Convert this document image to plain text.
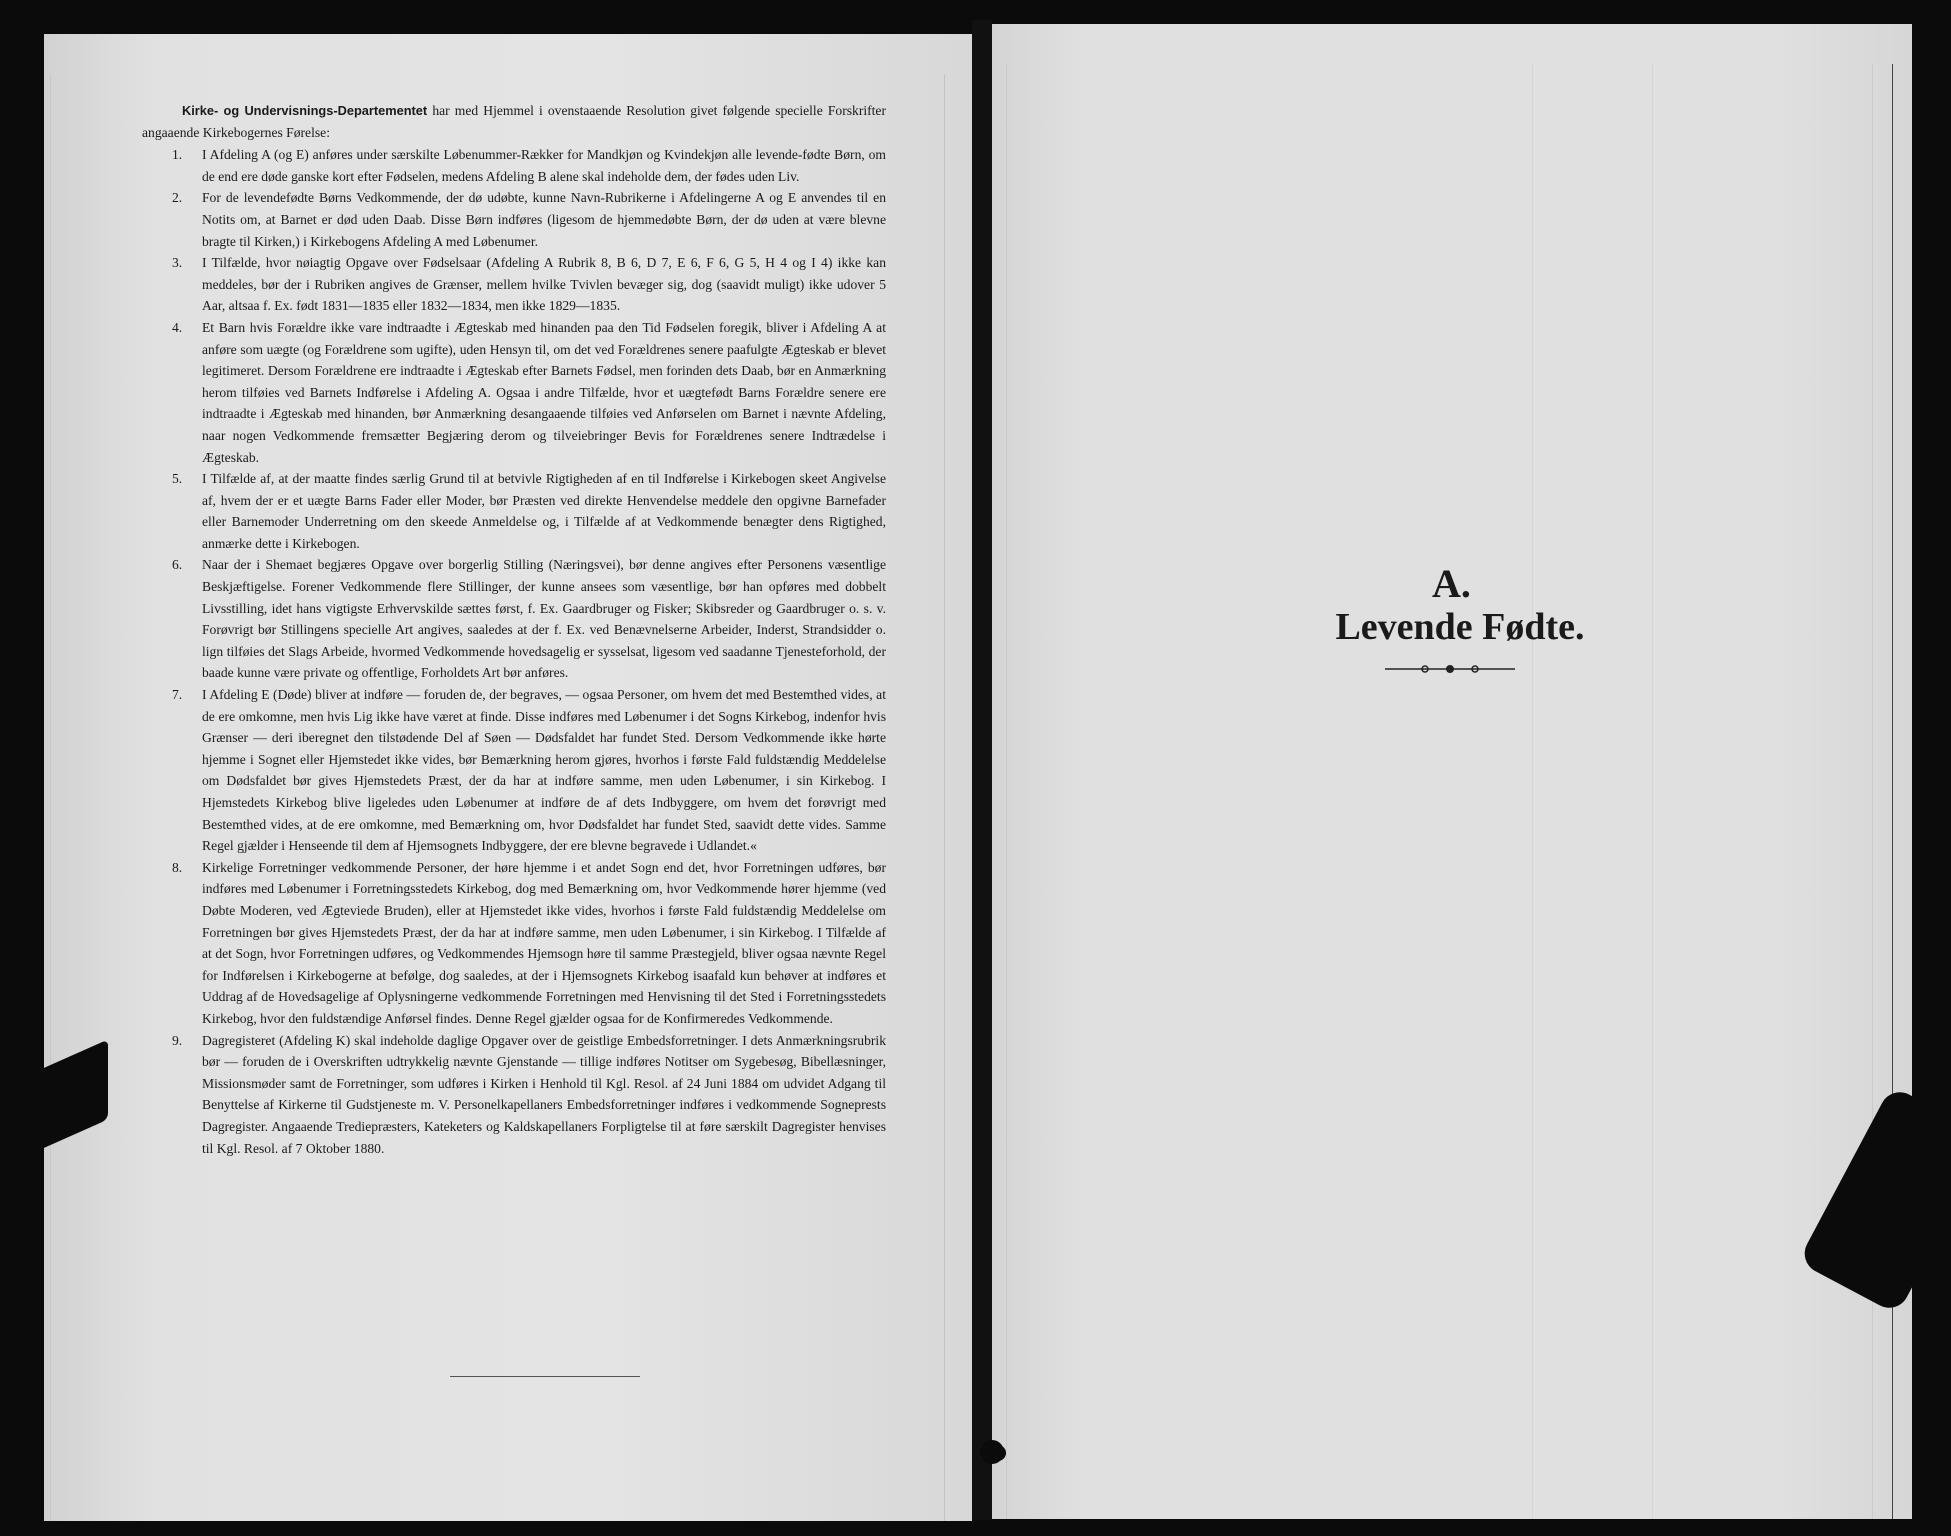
Kirke- og Undervisnings-Departementet har med Hjemmel i ovenstaaende Resolution givet følgende specielle Forskrifter angaaende Kirkebogernes Førelse:

1. I Afdeling A (og E) anføres under særskilte Løbenummer-Rækker for Mandkjøn og Kvindekjøn alle levende-fødte Børn, om de end ere døde ganske kort efter Fødselen, medens Afdeling B alene skal indeholde dem, der fødes uden Liv.
2. For de levendefødte Børns Vedkommende, der dø udøbte, kunne Navn-Rubrikerne i Afdelingerne A og E anvendes til en Notits om, at Barnet er død uden Daab. Disse Børn indføres (ligesom de hjemmedøbte Børn, der dø uden at være blevne bragte til Kirken,) i Kirkebogens Afdeling A med Løbenumer.
3. I Tilfælde, hvor nøiagtig Opgave over Fødselsaar (Afdeling A Rubrik 8, B 6, D 7, E 6, F 6, G 5, H 4 og I 4) ikke kan meddeles, bør der i Rubriken angives de Grænser, mellem hvilke Tvivlen bevæger sig, dog (saavidt muligt) ikke udover 5 Aar, altsaa f. Ex. født 1831—1835 eller 1832—1834, men ikke 1829—1835.
4. Et Barn hvis Forældre ikke vare indtraadte i Ægteskab med hinanden paa den Tid Fødselen foregik, bliver i Afdeling A at anføre som uægte (og Forældrene som ugifte), uden Hensyn til, om det ved Forældrenes senere paafulgte Ægteskab er blevet legitimeret. Dersom Forældrene ere indtraadte i Ægteskab efter Barnets Fødsel, men forinden dets Daab, bør en Anmærkning herom tilføies ved Barnets Indførelse i Afdeling A. Ogsaa i andre Tilfælde, hvor et uægtefødt Barns Forældre senere ere indtraadte i Ægteskab med hinanden, bør Anmærkning desangaaende tilføies ved Anførselen om Barnet i nævnte Afdeling, naar nogen Vedkommende fremsætter Begjæring derom og tilveiebringer Bevis for Forældrenes senere Indtrædelse i Ægteskab.
5. I Tilfælde af, at der maatte findes særlig Grund til at betvivle Rigtigheden af en til Indførelse i Kirkebogen skeet Angivelse af, hvem der er et uægte Barns Fader eller Moder, bør Præsten ved direkte Henvendelse meddele den opgivne Barnefader eller Barnemoder Underretning om den skeede Anmeldelse og, i Tilfælde af at Vedkommende benægter dens Rigtighed, anmærke dette i Kirkebogen.
6. Naar der i Shemaet begjæres Opgave over borgerlig Stilling (Næringsvei), bør denne angives efter Personens væsentlige Beskjæftigelse. Forener Vedkommende flere Stillinger, der kunne ansees som væsentlige, bør han opføres med dobbelt Livsstilling, idet hans vigtigste Erhvervskilde sættes først, f. Ex. Gaardbruger og Fisker; Skibsreder og Gaardbruger o. s. v. Forøvrigt bør Stillingens specielle Art angives, saaledes at der f. Ex. ved Benævnelserne Arbeider, Inderst, Strandsidder o. lign tilføies det Slags Arbeide, hvormed Vedkommende hovedsagelig er sysselsat, ligesom ved saadanne Tjenesteforhold, der baade kunne være private og offentlige, Forholdets Art bør anføres.
7. I Afdeling E (Døde) bliver at indføre — foruden de, der begraves, — ogsaa Personer, om hvem det med Bestemthed vides, at de ere omkomne, men hvis Lig ikke have været at finde. Disse indføres med Løbenumer i det Sogns Kirkebog, indenfor hvis Grænser — deri iberegnet den tilstødende Del af Søen — Dødsfaldet har fundet Sted. Dersom Vedkommende ikke hørte hjemme i Sognet eller Hjemstedet ikke vides, bør Bemærkning herom gjøres, hvorhos i første Fald fuldstændig Meddelelse om Dødsfaldet bør gives Hjemstedets Præst, der da har at indføre samme, men uden Løbenumer, i sin Kirkebog. I Hjemstedets Kirkebog blive ligeledes uden Løbenumer at indføre de af dets Indbyggere, om hvem det forøvrigt med Bestemthed vides, at de ere omkomne, med Bemærkning om, hvor Dødsfaldet har fundet Sted, saavidt dette vides. Samme Regel gjælder i Henseende til dem af Hjemsognets Indbyggere, der ere blevne begravede i Udlandet.«
8. Kirkelige Forretninger vedkommende Personer, der høre hjemme i et andet Sogn end det, hvor Forretningen udføres, bør indføres med Løbenumer i Forretningsstedets Kirkebog, dog med Bemærkning om, hvor Vedkommende hører hjemme (ved Døbte Moderen, ved Ægteviede Bruden), eller at Hjemstedet ikke vides, hvorhos i første Fald fuldstændig Meddelelse om Forretningen bør gives Hjemstedets Præst, der da har at indføre samme, men uden Løbenumer, i sin Kirkebog. I Tilfælde af at det Sogn, hvor Forretningen udføres, og Vedkommendes Hjemsogn høre til samme Præstegjeld, bliver ogsaa nævnte Regel for Indførelsen i Kirkebogerne at befølge, dog saaledes, at der i Hjemsognets Kirkebog isaafald kun behøver at indføres et Uddrag af de Hovedsagelige af Oplysningerne vedkommende Forretningen med Henvisning til det Sted i Forretningsstedets Kirkebog, hvor den fuldstændige Anførsel findes. Denne Regel gjælder ogsaa for de Konfirmeredes Vedkommende.
9. Dagregisteret (Afdeling K) skal indeholde daglige Opgaver over de geistlige Embedsforretninger. I dets Anmærkningsrubrik bør — foruden de i Overskriften udtrykkelig nævnte Gjenstande — tillige indføres Notitser om Sygebesøg, Bibellæsninger, Missionsmøder samt de Forretninger, som udføres i Kirken i Henhold til Kgl. Resol. af 24 Juni 1884 om udvidet Adgang til Benyttelse af Kirkerne til Gudstjeneste m. V. Personelkapellaners Embedsforretninger indføres i vedkommende Sogneprests Dagregister. Angaaende Trediepræsters, Kateketers og Kaldskapellaners Forpligtelse til at føre særskilt Dagregister henvises til Kgl. Resol. af 7 Oktober 1880.
A.
Levende Fødte.
